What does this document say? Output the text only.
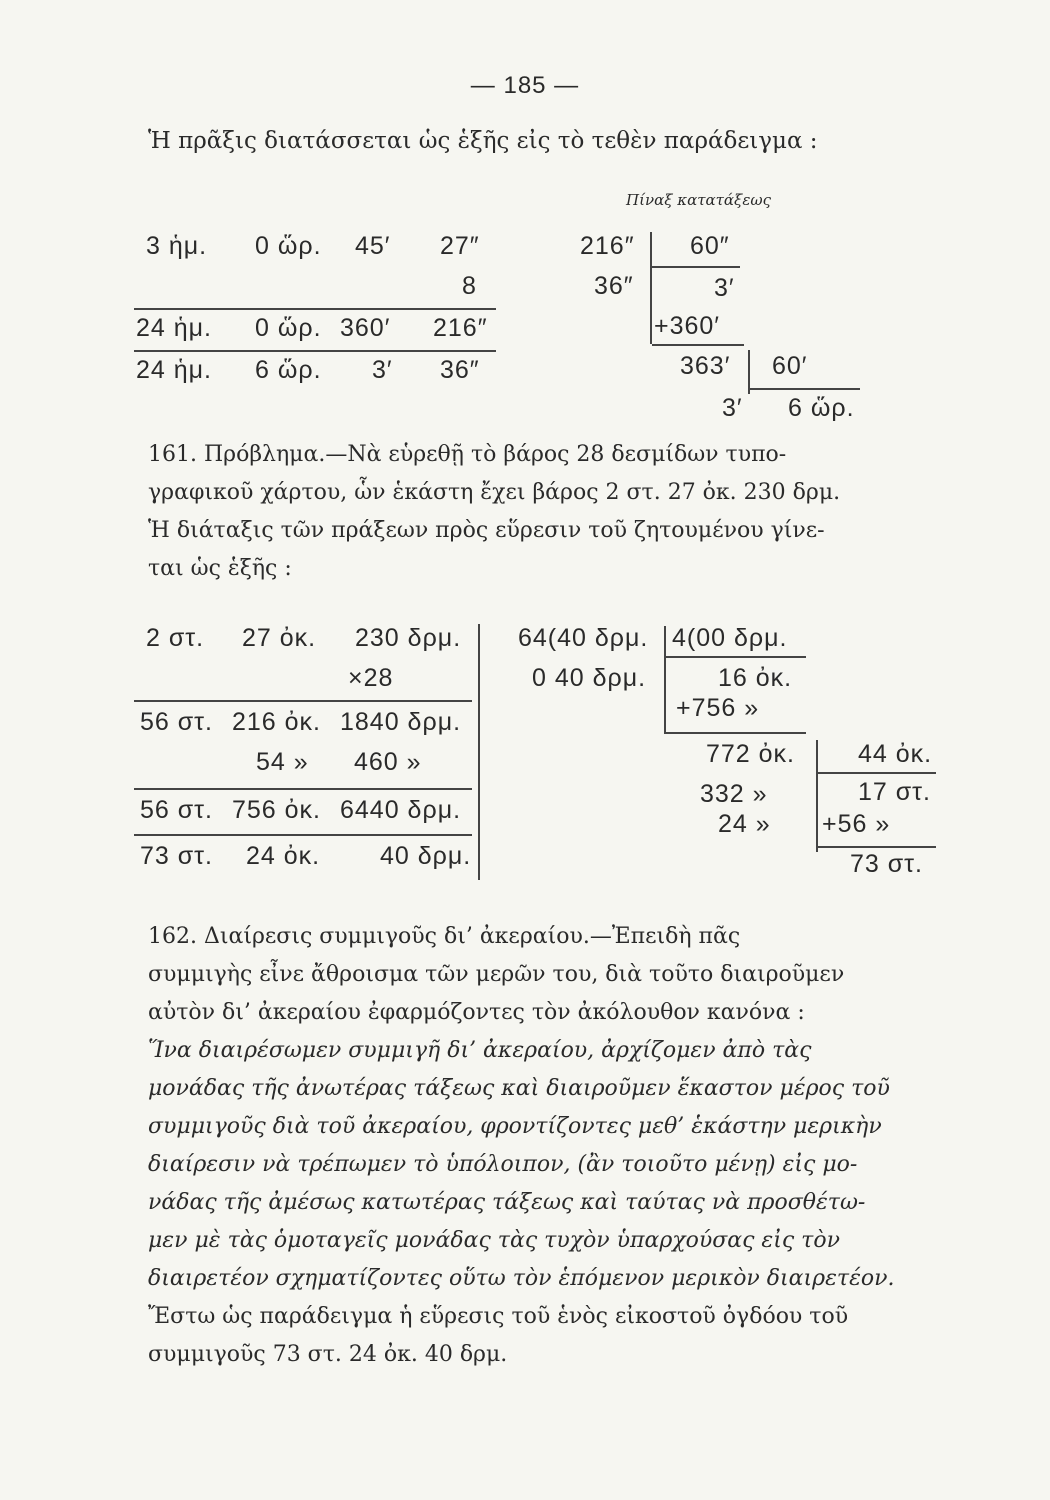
— 185 —
Ἡ πρᾶξις διατάσσεται ὡς ἑξῆς εἰς τὸ τεθὲν παράδειγμα :
3 ἡμ. 0 ὥρ. 45′ 27″
8
24 ἡμ. 0 ὥρ. 360′ 216″
24 ἡμ. 6 ὥρ. 3′ 36″
Πίναξ κατατάξεως
216″
36″
60″
3′
+360′
363′ 60′
3′ 6 ὥρ.
161. Πρόβλημα.—Νὰ εὑρεθῇ τὸ βάρος 28 δεσμίδων τυπο-
γραφικοῦ χάρτου, ὧν ἑκάστη ἔχει βάρος 2 στ. 27 ὀκ. 230 δρμ.
Ἡ διάταξις τῶν πράξεων πρὸς εὕρεσιν τοῦ ζητουμένου γίνε-
ται ὡς ἑξῆς :
2 στ. 27 ὀκ. 230 δρμ.
×28
56 στ. 216 ὀκ. 1840 δρμ.
54 » 460 »
56 στ. 756 ὀκ. 6440 δρμ.
73 στ. 24 ὀκ. 40 δρμ.
64(40 δρμ.
0 40 δρμ.
4(00 δρμ.
16 ὀκ.
+756 »
772 ὀκ.
332 »
24 »
44 ὀκ.
17 στ.
+56 »
73 στ.
162. Διαίρεσις συμμιγοῦς δι’ ἀκεραίου.—Ἐπειδὴ πᾶς
συμμιγὴς εἶνε ἄθροισμα τῶν μερῶν του, διὰ τοῦτο διαιροῦμεν
αὐτὸν δι’ ἀκεραίου ἐφαρμόζοντες τὸν ἀκόλουθον κανόνα :
Ἵνα διαιρέσωμεν συμμιγῆ δι’ ἀκεραίου, ἀρχίζομεν ἀπὸ τὰς
μονάδας τῆς ἀνωτέρας τάξεως καὶ διαιροῦμεν ἕκαστον μέρος τοῦ
συμμιγοῦς διὰ τοῦ ἀκεραίου, φροντίζοντες μεθ’ ἑκάστην μερικὴν
διαίρεσιν νὰ τρέπωμεν τὸ ὑπόλοιπον, (ἂν τοιοῦτο μένῃ) εἰς μο-
νάδας τῆς ἀμέσως κατωτέρας τάξεως καὶ ταύτας νὰ προσθέτω-
μεν μὲ τὰς ὁμοταγεῖς μονάδας τὰς τυχὸν ὑπαρχούσας εἰς τὸν
διαιρετέον σχηματίζοντες οὕτω τὸν ἑπόμενον μερικὸν διαιρετέον.
Ἔστω ὡς παράδειγμα ἡ εὕρεσις τοῦ ἑνὸς εἰκοστοῦ ὀγδόου τοῦ
συμμιγοῦς 73 στ. 24 ὀκ. 40 δρμ.
